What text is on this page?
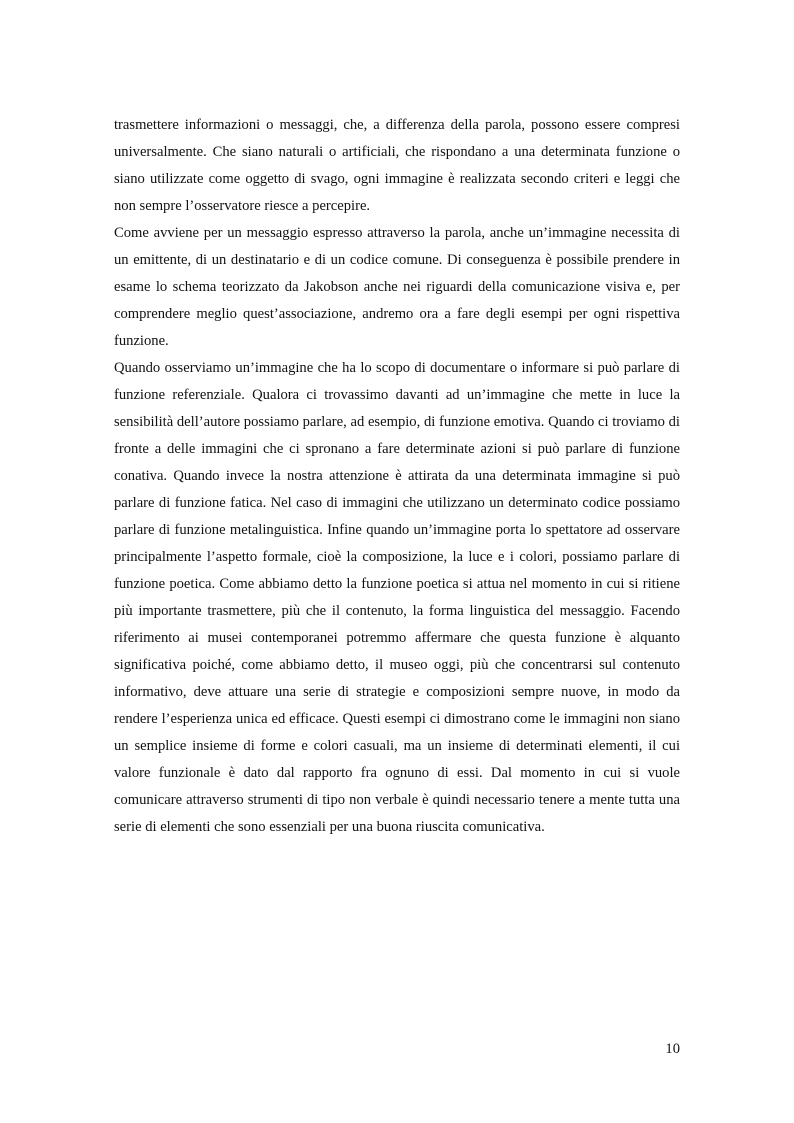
trasmettere informazioni o messaggi, che, a differenza della parola, possono essere compresi universalmente. Che siano naturali o artificiali, che rispondano a una determinata funzione o siano utilizzate come oggetto di svago, ogni immagine è realizzata secondo criteri e leggi che non sempre l’osservatore riesce a percepire.

Come avviene per un messaggio espresso attraverso la parola, anche un’immagine necessita di un emittente, di un destinatario e di un codice comune. Di conseguenza è possibile prendere in esame lo schema teorizzato da Jakobson anche nei riguardi della comunicazione visiva e, per comprendere meglio quest’associazione, andremo ora a fare degli esempi per ogni rispettiva funzione.

Quando osserviamo un’immagine che ha lo scopo di documentare o informare si può parlare di funzione referenziale. Qualora ci trovassimo davanti ad un’immagine che mette in luce la sensibilità dell’autore possiamo parlare, ad esempio, di funzione emotiva. Quando ci troviamo di fronte a delle immagini che ci spronano a fare determinate azioni si può parlare di funzione conativa. Quando invece la nostra attenzione è attirata da una determinata immagine si può parlare di funzione fatica. Nel caso di immagini che utilizzano un determinato codice possiamo parlare di funzione metalinguistica. Infine quando un’immagine porta lo spettatore ad osservare principalmente l’aspetto formale, cioè la composizione, la luce e i colori, possiamo parlare di funzione poetica. Come abbiamo detto la funzione poetica si attua nel momento in cui si ritiene più importante trasmettere, più che il contenuto, la forma linguistica del messaggio. Facendo riferimento ai musei contemporanei potremmo affermare che questa funzione è alquanto significativa poiché, come abbiamo detto, il museo oggi, più che concentrarsi sul contenuto informativo, deve attuare una serie di strategie e composizioni sempre nuove, in modo da rendere l’esperienza unica ed efficace. Questi esempi ci dimostrano come le immagini non siano un semplice insieme di forme e colori casuali, ma un insieme di determinati elementi, il cui valore funzionale è dato dal rapporto fra ognuno di essi. Dal momento in cui si vuole comunicare attraverso strumenti di tipo non verbale è quindi necessario tenere a mente tutta una serie di elementi che sono essenziali per una buona riuscita comunicativa.

10
